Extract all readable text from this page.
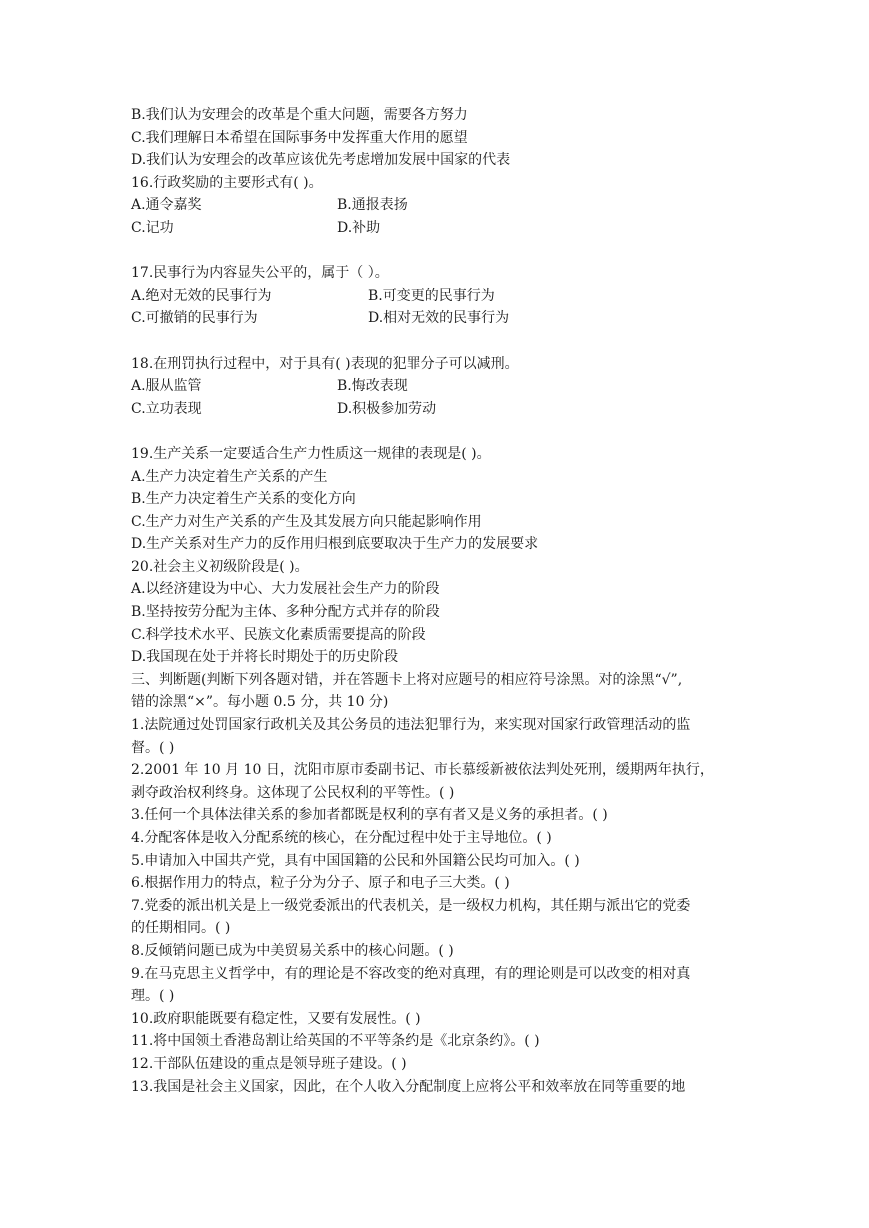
B.我们认为安理会的改革是个重大问题，需要各方努力
C.我们理解日本希望在国际事务中发挥重大作用的愿望
D.我们认为安理会的改革应该优先考虑增加发展中国家的代表
16.行政奖励的主要形式有( )。
A.通令嘉奖	B.通报表扬
C.记功	D.补助
17.民事行为内容显失公平的，属于（ ）。
A.绝对无效的民事行为	B.可变更的民事行为
C.可撤销的民事行为	D.相对无效的民事行为
18.在刑罚执行过程中，对于具有( )表现的犯罪分子可以减刑。
A.服从监管	B.悔改表现
C.立功表现	D.积极参加劳动
19.生产关系一定要适合生产力性质这一规律的表现是( )。
A.生产力决定着生产关系的产生
B.生产力决定着生产关系的变化方向
C.生产力对生产关系的产生及其发展方向只能起影响作用
D.生产关系对生产力的反作用归根到底要取决于生产力的发展要求
20.社会主义初级阶段是( )。
A.以经济建设为中心、大力发展社会生产力的阶段
B.坚持按劳分配为主体、多种分配方式并存的阶段
C.科学技术水平、民族文化素质需要提高的阶段
D.我国现在处于并将长时期处于的历史阶段
三、判断题(判断下列各题对错，并在答题卡上将对应题号的相应符号涂黑。对的涂黑“√”,
错的涂黑“×”。每小题 0.5 分，共 10 分)
1.法院通过处罚国家行政机关及其公务员的违法犯罪行为，来实现对国家行政管理活动的监
督。( )
2.2001 年 10 月 10 日，沈阳市原市委副书记、市长慕绥新被依法判处死刑，缓期两年执行，
剥夺政治权利终身。这体现了公民权利的平等性。( )
3.任何一个具体法律关系的参加者都既是权利的享有者又是义务的承担者。( )
4.分配客体是收入分配系统的核心，在分配过程中处于主导地位。( )
5.申请加入中国共产党，具有中国国籍的公民和外国籍公民均可加入。( )
6.根据作用力的特点，粒子分为分子、原子和电子三大类。( )
7.党委的派出机关是上一级党委派出的代表机关，是一级权力机构，其任期与派出它的党委
的任期相同。( )
8.反倾销问题已成为中美贸易关系中的核心问题。( )
9.在马克思主义哲学中，有的理论是不容改变的绝对真理，有的理论则是可以改变的相对真
理。( )
10.政府职能既要有稳定性，又要有发展性。( )
11.将中国领土香港岛割让给英国的不平等条约是《北京条约》。( )
12.干部队伍建设的重点是领导班子建设。( )
13.我国是社会主义国家，因此，在个人收入分配制度上应将公平和效率放在同等重要的地
